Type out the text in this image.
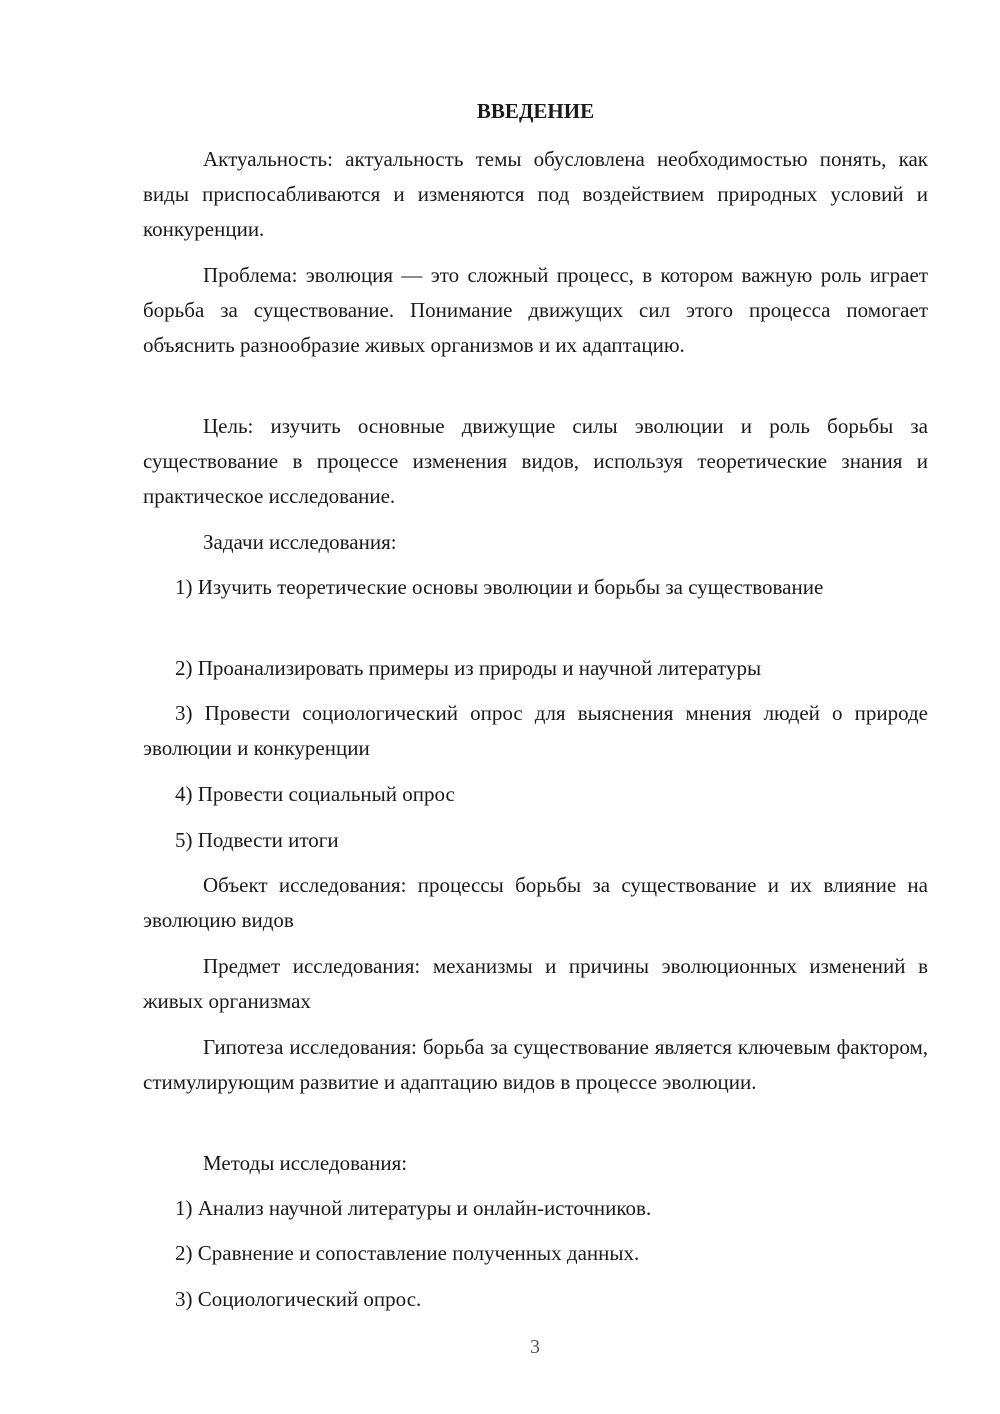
ВВЕДЕНИЕ

Актуальность: актуальность темы обусловлена необходимостью понять, как виды приспосабливаются и изменяются под воздействием природных условий и конкуренции.

Проблема: эволюция — это сложный процесс, в котором важную роль играет борьба за существование. Понимание движущих сил этого процесса помогает объяснить разнообразие живых организмов и их адаптацию.

Цель: изучить основные движущие силы эволюции и роль борьбы за существование в процессе изменения видов, используя теоретические знания и практическое исследование.

Задачи исследования:

1) Изучить теоретические основы эволюции и борьбы за существование

2) Проанализировать примеры из природы и научной литературы

3) Провести социологический опрос для выяснения мнения людей о природе эволюции и конкуренции

4) Провести социальный опрос

5) Подвести итоги

Объект исследования: процессы борьбы за существование и их влияние на эволюцию видов

Предмет исследования: механизмы и причины эволюционных изменений в живых организмах

Гипотеза исследования: борьба за существование является ключевым фактором, стимулирующим развитие и адаптацию видов в процессе эволюции.

Методы исследования:

1) Анализ научной литературы и онлайн-источников.

2) Сравнение и сопоставление полученных данных.

3) Социологический опрос.

3
